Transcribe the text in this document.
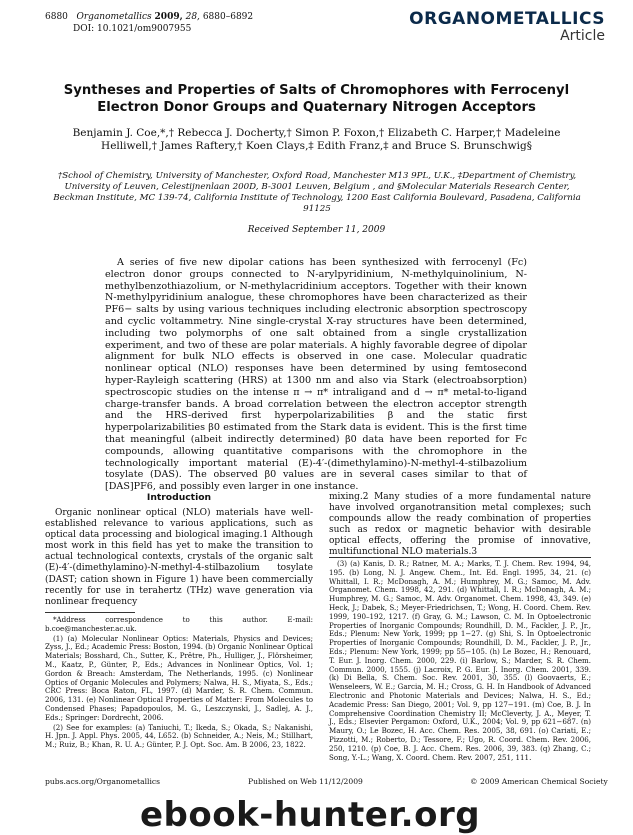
6880 Organometallics 2009, 28, 6880–6892
DOI: 10.1021/om9007955	ORGANOMETALLICS
Article
Syntheses and Properties of Salts of Chromophores with Ferrocenyl Electron Donor Groups and Quaternary Nitrogen Acceptors
Benjamin J. Coe,*,† Rebecca J. Docherty,† Simon P. Foxon,† Elizabeth C. Harper,† Madeleine Helliwell,† James Raftery,† Koen Clays,‡ Edith Franz,‡ and Bruce S. Brunschwig§
†School of Chemistry, University of Manchester, Oxford Road, Manchester M13 9PL, U.K., ‡Department of Chemistry, University of Leuven, Celestijnenlaan 200D, B-3001 Leuven, Belgium , and §Molecular Materials Research Center, Beckman Institute, MC 139-74, California Institute of Technology, 1200 East California Boulevard, Pasadena, California 91125
Received September 11, 2009
A series of five new dipolar cations has been synthesized with ferrocenyl (Fc) electron donor groups connected to N-arylpyridinium, N-methylquinolinium, N-methylbenzothiazolium, or N-methylacridinium acceptors. Together with their known N-methylpyridinium analogue, these chromophores have been characterized as their PF6− salts by using various techniques including electronic absorption spectroscopy and cyclic voltammetry. Nine single-crystal X-ray structures have been determined, including two polymorphs of one salt obtained from a single crystallization experiment, and two of these are polar materials. A highly favorable degree of dipolar alignment for bulk NLO effects is observed in one case. Molecular quadratic nonlinear optical (NLO) responses have been determined by using femtosecond hyper-Rayleigh scattering (HRS) at 1300 nm and also via Stark (electroabsorption) spectroscopic studies on the intense π → π* intraligand and d → π* metal-to-ligand charge-transfer bands. A broad correlation between the electron acceptor strength and the HRS-derived first hyperpolarizabilities β and the static first hyperpolarizabilities β0 estimated from the Stark data is evident. This is the first time that meaningful (albeit indirectly determined) β0 data have been reported for Fc compounds, allowing quantitative comparisons with the chromophore in the technologically important material (E)-4′-(dimethylamino)-N-methyl-4-stilbazolium tosylate (DAS). The observed β0 values are in several cases similar to that of [DAS]PF6, and possibly even larger in one instance.
Introduction
Organic nonlinear optical (NLO) materials have well-established relevance to various applications, such as optical data processing and biological imaging.1 Although most work in this field has yet to make the transition to actual technological contexts, crystals of the organic salt (E)-4′-(dimethylamino)-N-methyl-4-stilbazolium tosylate (DAST; cation shown in Figure 1) have been commercially recently for use in terahertz (THz) wave generation via nonlinear frequency

*Address correspondence to this author. E-mail: b.coe@manchester.ac.uk.

(1) (a) Molecular Nonlinear Optics: Materials, Physics and Devices; Zyss, J., Ed.; Academic Press: Boston, 1994. (b) Organic Nonlinear Optical Materials; Bosshard, Ch., Sutter, K., Prêtre, Ph., Hulliger, J., Flörsheimer, M., Kaatz, P., Günter, P., Eds.; Advances in Nonlinear Optics, Vol. 1; Gordon & Breach: Amsterdam, The Netherlands, 1995. (c) Nonlinear Optics of Organic Molecules and Polymers; Nalwa, H. S., Miyata, S., Eds.; CRC Press: Boca Raton, FL, 1997. (d) Marder, S. R. Chem. Commun. 2006, 131. (e) Nonlinear Optical Properties of Matter: From Molecules to Condensed Phases; Papadopoulos, M. G., Leszczynski, J., Sadlej, A. J., Eds.; Springer: Dordrecht, 2006.

(2) See for examples: (a) Taniuchi, T.; Ikeda, S.; Okada, S.; Nakanishi, H. Jpn. J. Appl. Phys. 2005, 44, L652. (b) Schneider, A.; Neis, M.; Stillhart, M.; Ruiz, B.; Khan, R. U. A.; Günter, P. J. Opt. Soc. Am. B 2006, 23, 1822.

mixing.2 Many studies of a more fundamental nature have involved organotransition metal complexes; such compounds allow the ready combination of properties such as redox or magnetic behavior with desirable optical effects, offering the promise of innovative, multifunctional NLO materials.3

(3) (a) Kanis, D. R.; Ratner, M. A.; Marks, T. J. Chem. Rev. 1994, 94, 195. (b) Long, N. J. Angew. Chem., Int. Ed. Engl. 1995, 34, 21. (c) Whittall, I. R.; McDonagh, A. M.; Humphrey, M. G.; Samoc, M. Adv. Organomet. Chem. 1998, 42, 291. (d) Whittall, I. R.; McDonagh, A. M.; Humphrey, M. G.; Samoc, M. Adv. Organomet. Chem. 1998, 43, 349. (e) Heck, J.; Dabek, S.; Meyer-Friedrichsen, T.; Wong, H. Coord. Chem. Rev. 1999, 190–192, 1217. (f) Gray, G. M.; Lawson, C. M. In Optoelectronic Properties of Inorganic Compounds; Roundhill, D. M., Fackler, J. P., Jr., Eds.; Plenum: New York, 1999; pp 1−27. (g) Shi, S. In Optoelectronic Properties of Inorganic Compounds; Roundhill, D. M., Fackler, J. P., Jr., Eds.; Plenum: New York, 1999; pp 55−105. (h) Le Bozec, H.; Renouard, T. Eur. J. Inorg. Chem. 2000, 229. (i) Barlow, S.; Marder, S. R. Chem. Commun. 2000, 1555. (j) Lacroix, P. G. Eur. J. Inorg. Chem. 2001, 339. (k) Di Bella, S. Chem. Soc. Rev. 2001, 30, 355. (l) Goovaerts, E.; Wenseleers, W. E.; Garcia, M. H.; Cross, G. H. In Handbook of Advanced Electronic and Photonic Materials and Devices; Nalwa, H. S., Ed.; Academic Press: San Diego, 2001; Vol. 9, pp 127−191. (m) Coe, B. J. In Comprehensive Coordination Chemistry II; McCleverty, J. A., Meyer, T. J., Eds.; Elsevier Pergamon: Oxford, U.K., 2004; Vol. 9, pp 621−687. (n) Maury, O.; Le Bozec, H. Acc. Chem. Res. 2005, 38, 691. (o) Cariati, E.; Pizzotti, M.; Roberto, D.; Tessore, F.; Ugo, R. Coord. Chem. Rev. 2006, 250, 1210. (p) Coe, B. J. Acc. Chem. Res. 2006, 39, 383. (q) Zhang, C.; Song, Y.-L.; Wang, X. Coord. Chem. Rev. 2007, 251, 111.

pubs.acs.org/Organometallics	Published on Web 11/12/2009	© 2009 American Chemical Society
ebook-hunter.org
